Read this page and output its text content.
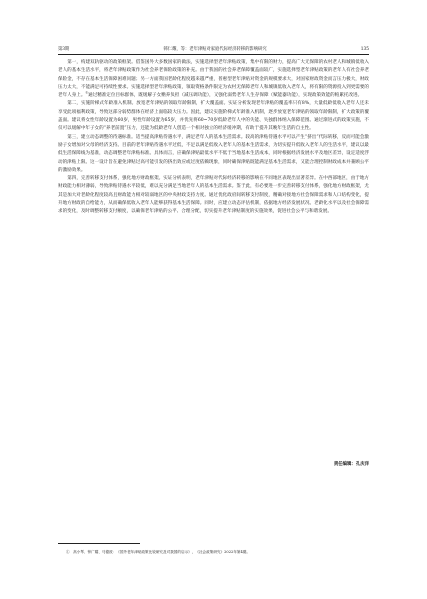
第3期	韩仁耀，等：老年津贴对家庭代际经济转移的影响研究	135

第一，构建双轨驱动的政策框架。借鉴国外大多数国家的做法，实施选择型老年津贴政策，集中有限的财力，提高广大无保障的农村老人和城镇低收入老人的基本生活水平，将老年津贴政策作为社会养老保险政策的补充。由于我国的社会养老保障覆盖面较广，实施选择型老年津贴政策的老年人有社会养老保险金，不存在基本生活保障困难问题；另一方面我国老龄化程度越来越严重，普惠型老年津贴对资金的规模要求大，对国家财政资金而言压力极大，财政压力太大，不能满足可持续性要求。实施选择型老年津贴政策，领取资格条件限定为农村无保障老年人和城镇低收入老年人，将有限的资源投入到更需要的老年人身上。①通过精准定位目标群体，既缓解子女赡养负担（减压调功能），又强化弱势老年人生存保障（赋能器功能），实现政策效能的帕累托改进。

第二，实施阶梯式年龄准入机制。放宽老年津贴的领取年龄限制，扩大覆盖面。实证分析发现老年津贴的覆盖率只有8%，大量低龄低收入老年人还未享受此项福利政策，导致这部分弱势群体在经济上面临较大压力。因此，建议实施阶梯式年龄准入机制，逐步放宽老年津贴的领取年龄限制，扩大政策的覆盖面。建议将女性年龄设置为60岁，男性年龄设置为65岁，并优先将60~70岁低龄老年人中的失能、失独群体纳入保障范围。通过渐进式的政策实施，不仅可以缓解中年子女的“养老前置”压力，还能为低龄老年人创造一个相对独立的经济缓冲期，有助于提升其晚年生活的自主性。

第三，建立动态调整的待遇标准。适当提高津贴待遇水平，满足老年人的基本生活需求。较高的津贴待遇水平可以产生“挤出”代际转移，反而可能会激励子女增加对父母的经济支持。目前的老年津贴待遇水平过低，不足以满足低收入老年人的基本生活需求，为切实提升低收入老年人的生活水平，建议以最低生活保障线为基准，动态调整老年津贴标准。具体而言，应确保津贴最低水平不低于当地基本生活成本，同时根据经济发展水平及地区差异，设定适度浮动的津贴上限。这一设计旨在避免津贴过高可能引发的挤出效应或过度依赖现象，同时确保津贴既能满足基本生活需求，又能合理控制财政成本并兼顾公平的激励效果。

第四，完善转移支付体系，强化地方财政框架。实证分析表明，老年津贴对代际经济转移的影响在不同地区表现出显著差异。在中西部地区，由于地方财政能力相对薄弱，导致津贴待遇水平较低，难以充分满足当地老年人的基本生活需求。鉴于此，有必要进一步完善转移支付体系，强化地方财政框架，尤其是加大对老龄化程度较高且财政能力相对较弱地区的中央财政支持力度。通过优化政府间转移支付制度，精确对接地方社会保障需求和人口结构变化，提升地方财政的自给能力，从而确保低收入老年人能够获得基本生活保障。同时，应建立动态评估机制，依据地方经济发展状况、老龄化水平以及社会保障需求的变化，及时调整转移支付额度，以确保老年津贴的公平、合理分配，切实提升老年津贴制度的实施效果，促进社会公平与和谐发展。

责任编辑：孔庆洋
①　高小琴、钟广耀、马德波：《国外老年津贴政策比较研究及对我国的启示》，《社会政策研究》2022年第4期。
